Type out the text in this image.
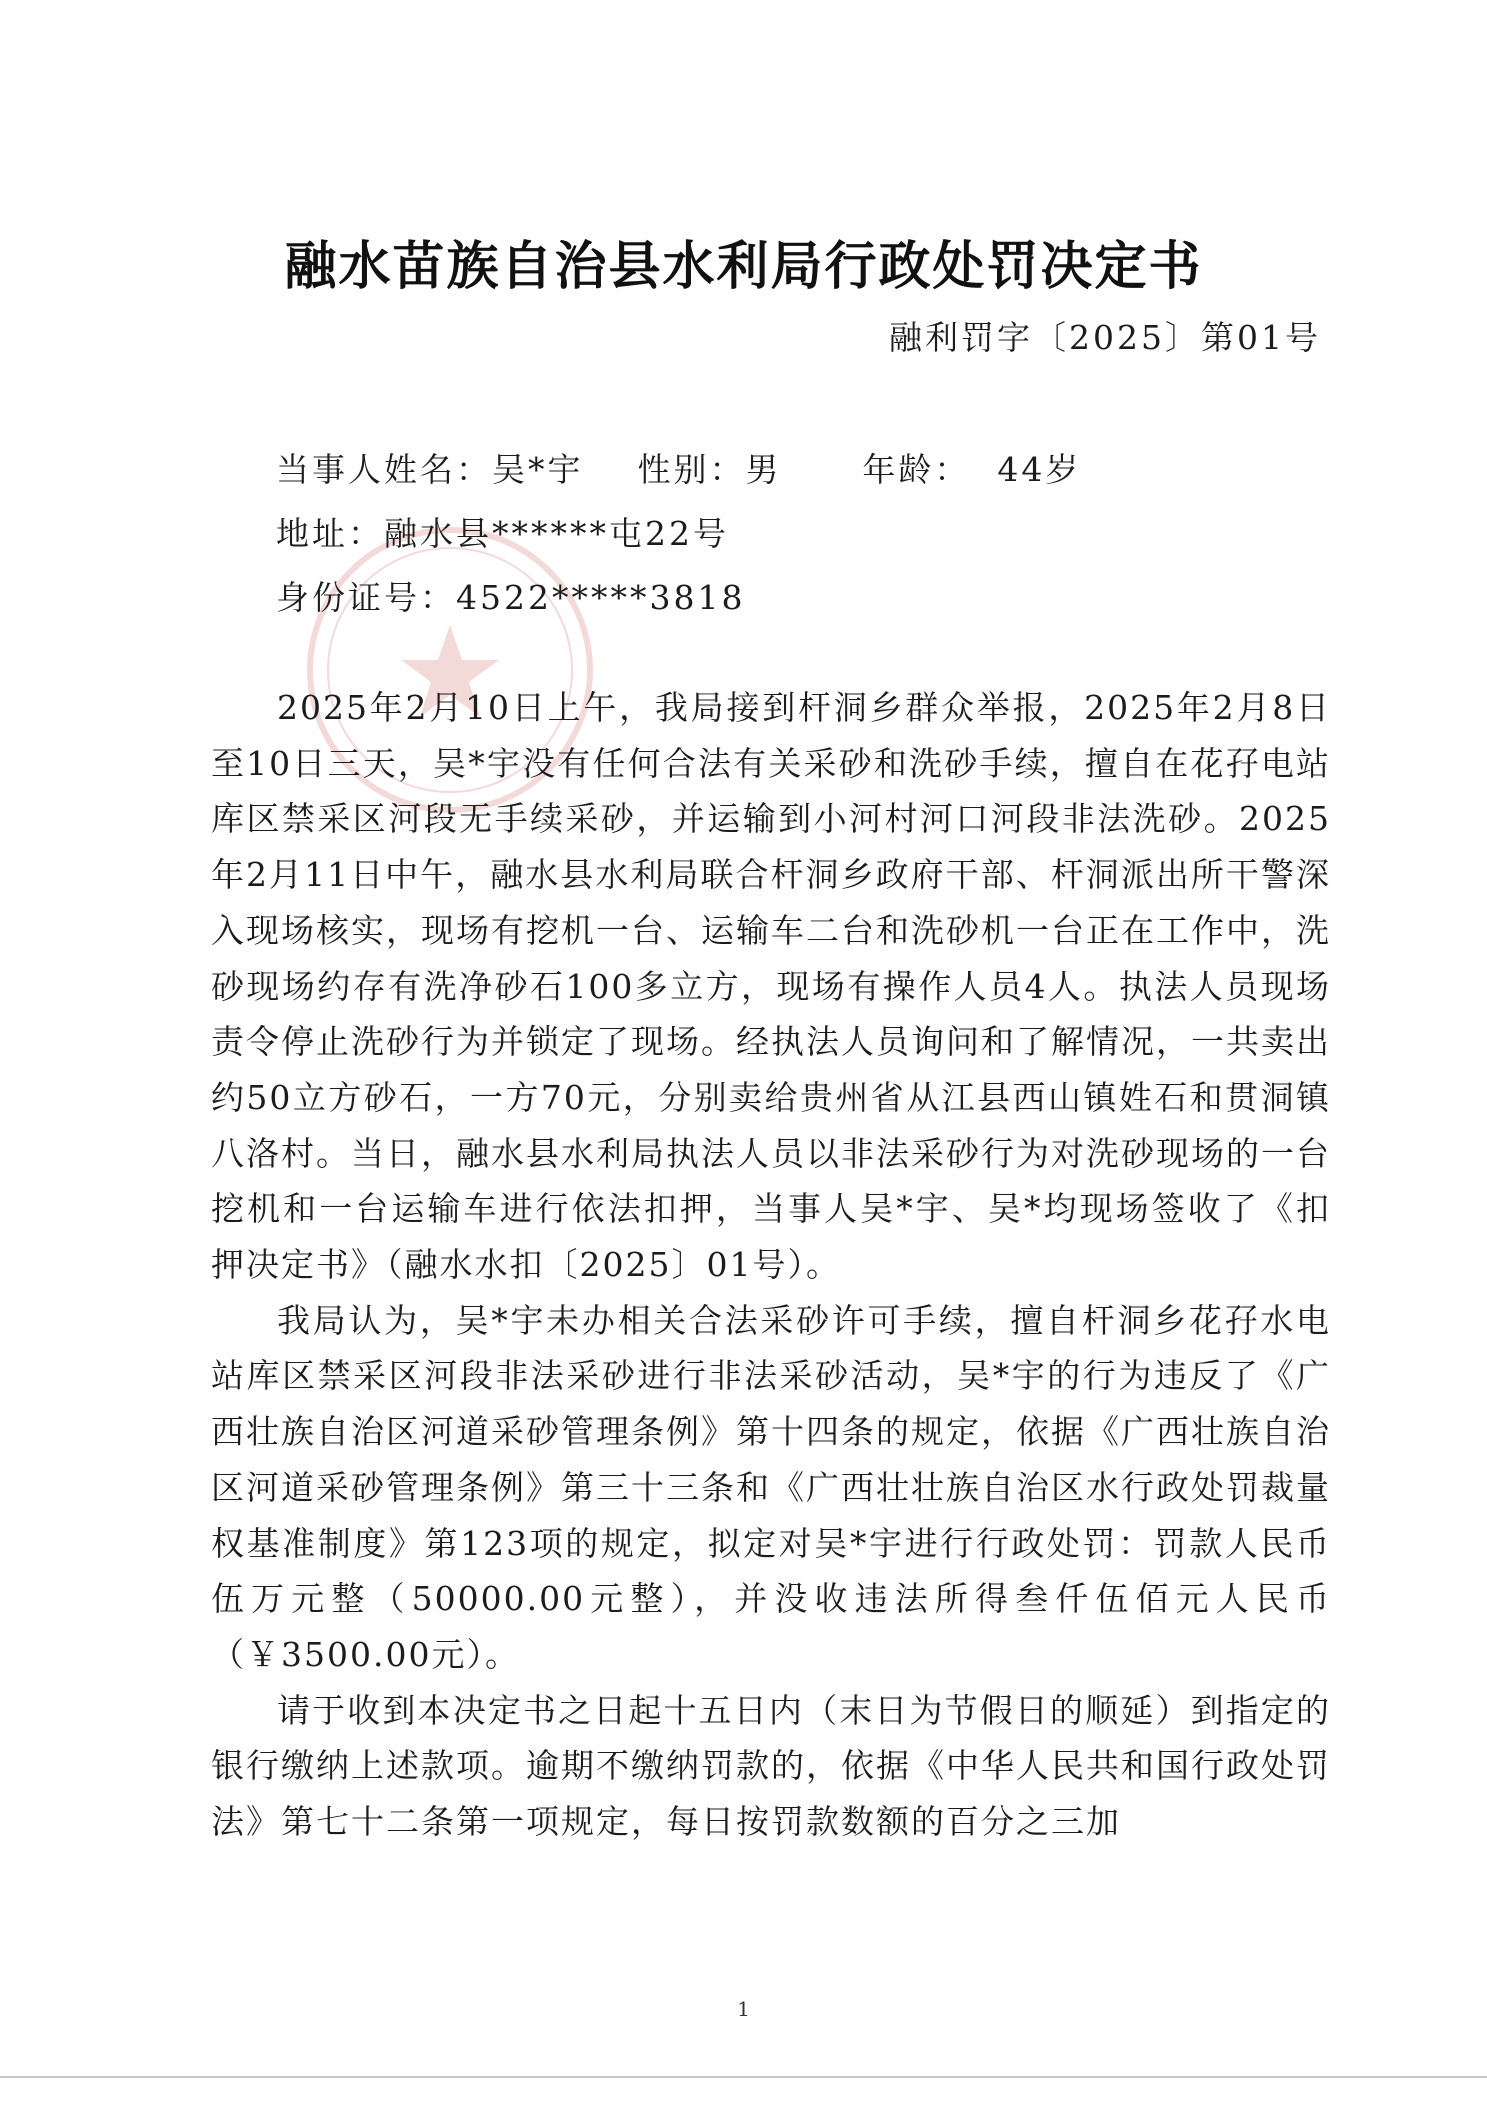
融水苗族自治县水利局行政处罚决定书
融利罚字〔2025〕第01号
当事人姓名：吴*宇    性别：男      年龄：  44岁
地址：融水县******屯22号
身份证号：4522*****3818

2025年2月10日上午，我局接到杆洞乡群众举报，2025年2月8日至10日三天，吴*宇没有任何合法有关采砂和洗砂手续，擅自在花孖电站库区禁采区河段无手续采砂，并运输到小河村河口河段非法洗砂。2025年2月11日中午，融水县水利局联合杆洞乡政府干部、杆洞派出所干警深入现场核实，现场有挖机一台、运输车二台和洗砂机一台正在工作中，洗砂现场约存有洗净砂石100多立方，现场有操作人员4人。执法人员现场责令停止洗砂行为并锁定了现场。经执法人员询问和了解情况，一共卖出约50立方砂石，一方70元，分别卖给贵州省从江县西山镇姓石和贯洞镇八洛村。当日，融水县水利局执法人员以非法采砂行为对洗砂现场的一台挖机和一台运输车进行依法扣押，当事人吴*宇、吴*均现场签收了《扣押决定书》（融水水扣〔2025〕01号）。

我局认为，吴*宇未办相关合法采砂许可手续，擅自杆洞乡花孖水电站库区禁采区河段非法采砂进行非法采砂活动，吴*宇的行为违反了《广西壮族自治区河道采砂管理条例》第十四条的规定，依据《广西壮族自治区河道采砂管理条例》第三十三条和《广西壮壮族自治区水行政处罚裁量权基准制度》第123项的规定，拟定对吴*宇进行行政处罚：罚款人民币伍万元整（50000.00元整），并没收违法所得叁仟伍佰元人民币（￥3500.00元）。

请于收到本决定书之日起十五日内（末日为节假日的顺延）到指定的银行缴纳上述款项。逾期不缴纳罚款的，依据《中华人民共和国行政处罚法》第七十二条第一项规定，每日按罚款数额的百分之三加

1
